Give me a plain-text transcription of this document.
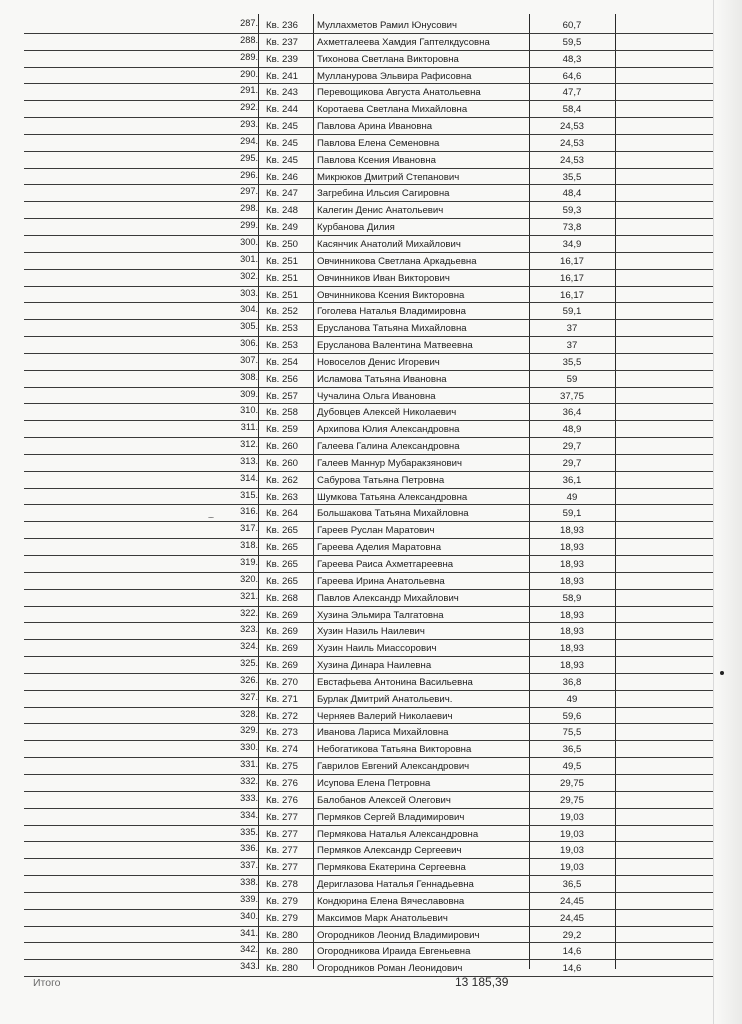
287. Кв. 236	Муллахметов Рамил Юнусович	60,7
288. Кв. 237	Ахметгалеева Хамдия Гаптелкдусовна	59,5
289. Кв. 239	Тихонова Светлана Викторовна	48,3
290. Кв. 241	Мулланурова Эльвира Рафисовна	64,6
291. Кв. 243	Перевощикова Августа Анатольевна	47,7
292. Кв. 244	Коротаева Светлана Михайловна	58,4
293. Кв. 245	Павлова Арина Ивановна	24,53
294. Кв. 245	Павлова Елена Семеновна	24,53
295. Кв. 245	Павлова Ксения Ивановна	24,53
296. Кв. 246	Микрюков Дмитрий Степанович	35,5
297. Кв. 247	Загребина Ильсия Сагировна	48,4
298. Кв. 248	Калегин Денис Анатольевич	59,3
299. Кв. 249	Курбанова Дилия	73,8
300. Кв. 250	Касянчик Анатолий Михайлович	34,9
301. Кв. 251	Овчинникова Светлана Аркадьевна	16,17
302. Кв. 251	Овчинников Иван Викторович	16,17
303. Кв. 251	Овчинникова Ксения Викторовна	16,17
304. Кв. 252	Гоголева Наталья Владимировна	59,1
305. Кв. 253	Ерусланова Татьяна Михайловна	37
306. Кв. 253	Ерусланова Валентина Матвеевна	37
307. Кв. 254	Новоселов Денис Игоревич	35,5
308. Кв. 256	Исламова Татьяна Ивановна	59
309. Кв. 257	Чучалина Ольга Ивановна	37,75
310. Кв. 258	Дубовцев Алексей Николаевич	36,4
311. Кв. 259	Архипова Юлия Александровна	48,9
312. Кв. 260	Галеева Галина Александровна	29,7
313. Кв. 260	Галеев Маннур Мубаракзянович	29,7
314. Кв. 262	Сабурова Татьяна Петровна	36,1
315. Кв. 263	Шумкова Татьяна Александровна	49
316. Кв. 264	Большакова Татьяна Михайловна	59,1
317. Кв. 265	Гареев Руслан Маратович	18,93
318. Кв. 265	Гареева Аделия Маратовна	18,93
319. Кв. 265	Гареева Раиса Ахметгареевна	18,93
320. Кв. 265	Гареева Ирина Анатольевна	18,93
321. Кв. 268	Павлов Александр Михайлович	58,9
322. Кв. 269	Хузина Эльмира Талгатовна	18,93
323. Кв. 269	Хузин Назиль Наилевич	18,93
324. Кв. 269	Хузин Наиль Миассорович	18,93
325. Кв. 269	Хузина Динара Наилевна	18,93
326. Кв. 270	Евстафьева Антонина Васильевна	36,8
327. Кв. 271	Бурлак Дмитрий Анатольевич.	49
328. Кв. 272	Черняев Валерий Николаевич	59,6
329. Кв. 273	Иванова Лариса Михайловна	75,5
330. Кв. 274	Небогатикова Татьяна Викторовна	36,5
331. Кв. 275	Гаврилов Евгений Александрович	49,5
332. Кв. 276	Исупова Елена Петровна	29,75
333. Кв. 276	Балобанов Алексей Олегович	29,75
334. Кв. 277	Пермяков Сергей Владимирович	19,03
335. Кв. 277	Пермякова Наталья Александровна	19,03
336. Кв. 277	Пермяков Александр Сергеевич	19,03
337. Кв. 277	Пермякова Екатерина Сергеевна	19,03
338. Кв. 278	Дериглазова Наталья Геннадьевна	36,5
339. Кв. 279	Кондюрина Елена Вячеславовна	24,45
340. Кв. 279	Максимов Марк Анатольевич	24,45
341. Кв. 280	Огородников Леонид Владимирович	29,2
342. Кв. 280	Огородникова Ираида Евгеньевна	14,6
343. Кв. 280	Огородников Роман Леонидович	14,6
Итого	13 185,39
